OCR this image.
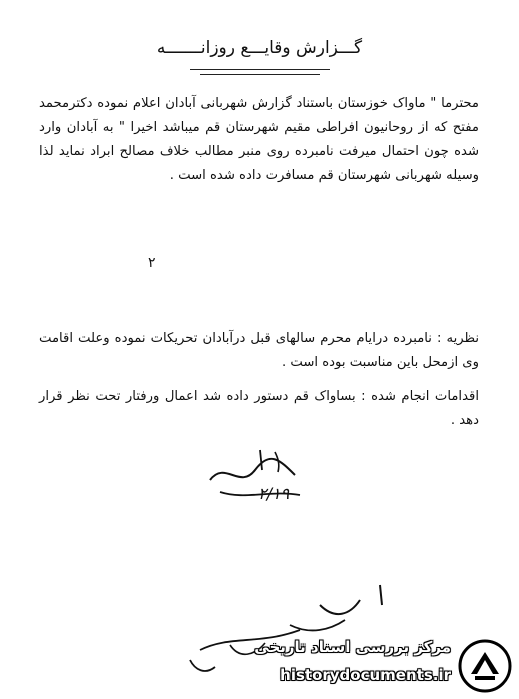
گـــزارش وقایـــع روزانـــــــه
محترما " ماواک خوزستان باستناد گزارش شهربانی آبادان اعلام نموده دکترمحمد مفتح که از روحانیون افراطی مقیم شهرستان قم میباشد اخیرا " به آبادان وارد شده چون احتمال میرفت نامبرده روی منبر مطالب خلاف مصالح ابراد نماید لذا وسیله شهربانی شهرستان قم مسافرت داده شده است .
۲
نظریه : نامبرده درایام محرم سالهای قبل درآبادان تحریکات نموده وعلت اقامت وی ازمحل باین مناسبت بوده است .
اقدامات انجام شده : بساواک قم دستور داده شد اعمال ورفتار تحت نظر قرار دهد .
۲/۱۹
مرکز بررسی اسناد تاریخی
historydocuments.ir
